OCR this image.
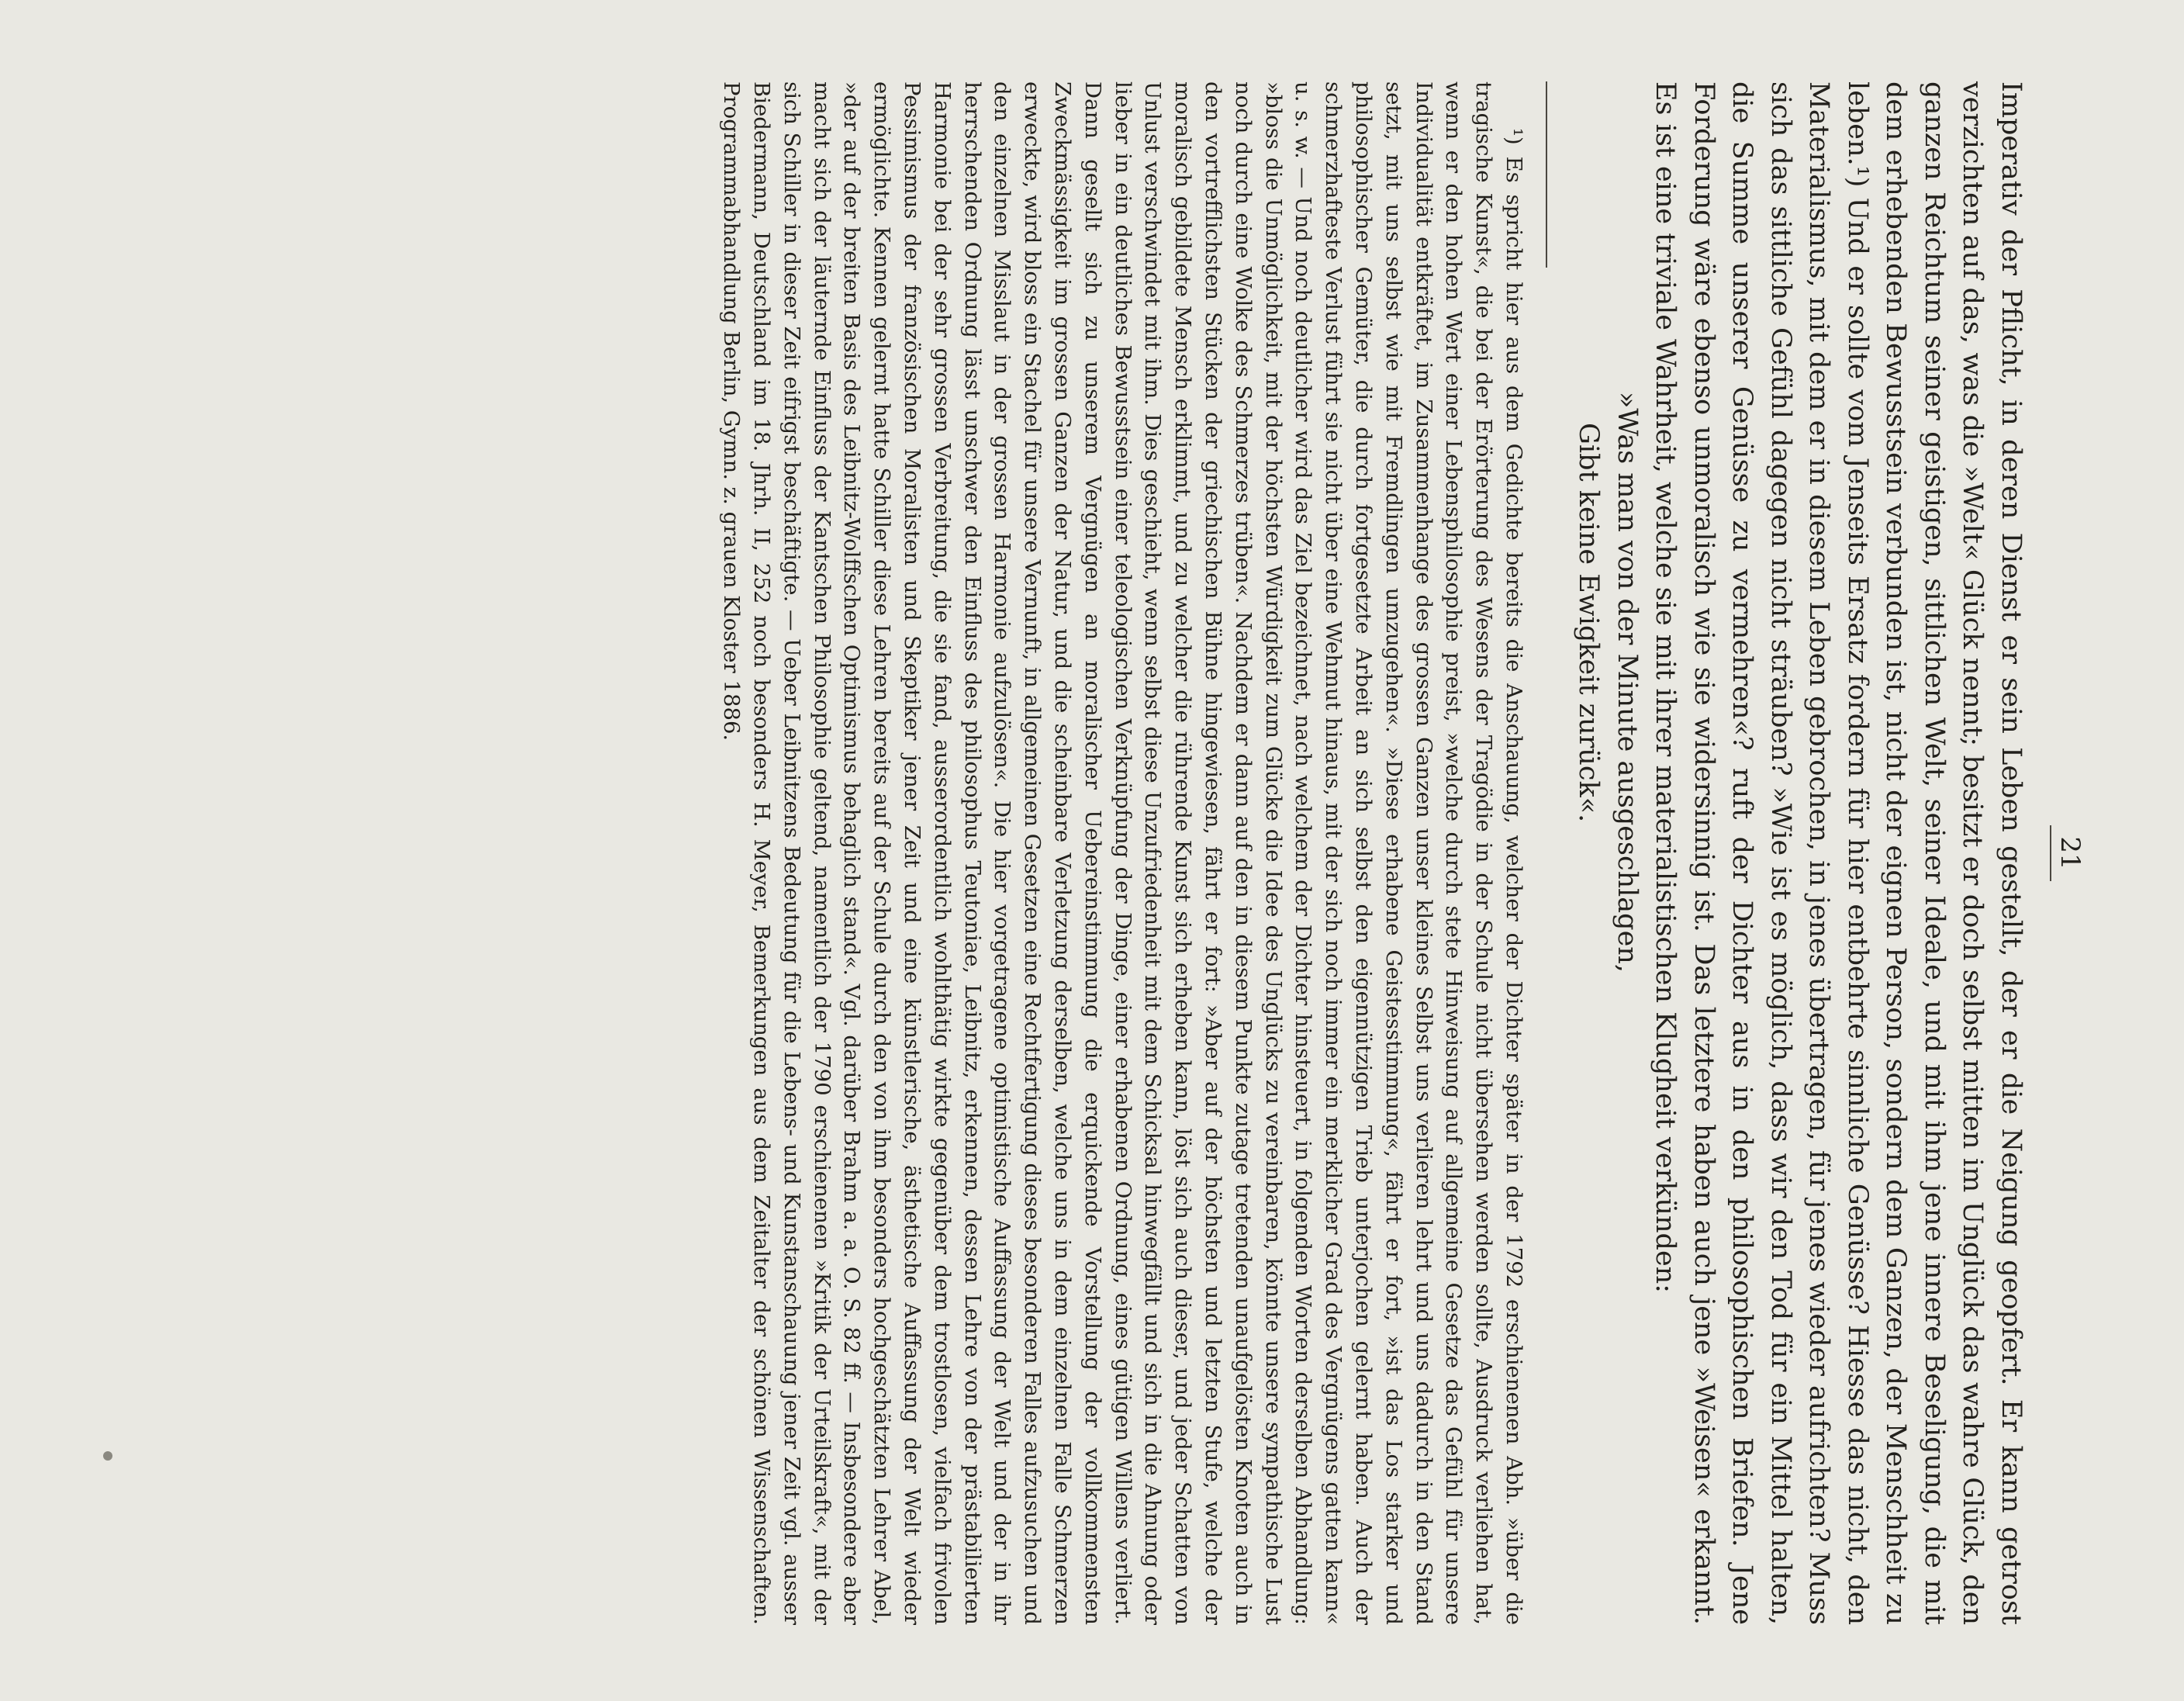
21

Imperativ der Pflicht, in deren Dienst er sein Leben gestellt, der er die Neigung geopfert. Er kann getrost verzichten auf das, was die »Welt« Glück nennt; besitzt er doch selbst mitten im Unglück das wahre Glück, den ganzen Reichtum seiner geistigen, sittlichen Welt, seiner Ideale, und mit ihm jene innere Beseligung, die mit dem erhebenden Bewusstsein verbunden ist, nicht der eignen Person, sondern dem Ganzen, der Menschheit zu leben.¹) Und er sollte vom Jenseits Ersatz fordern für hier entbehrte sinnliche Genüsse? Hiesse das nicht, den Materialismus, mit dem er in diesem Leben gebrochen, in jenes übertragen, für jenes wieder aufrichten? Muss sich das sittliche Gefühl dagegen nicht sträuben? »Wie ist es möglich, dass wir den Tod für ein Mittel halten, die Summe unserer Genüsse zu vermehren«? ruft der Dichter aus in den philosophischen Briefen. Jene Forderung wäre ebenso unmoralisch wie sie widersinnig ist. Das letztere haben auch jene »Weisen« erkannt. Es ist eine triviale Wahrheit, welche sie mit ihrer materialistischen Klugheit verkünden:

»Was man von der Minute ausgeschlagen,
Gibt keine Ewigkeit zurück«.

¹) Es spricht hier aus dem Gedichte bereits die Anschauung, welcher der Dichter später in der 1792 erschienenen Abh. »über die tragische Kunst«, die bei der Erörterung des Wesens der Tragödie in der Schule nicht übersehen werden sollte, Ausdruck verliehen hat, wenn er den hohen Wert einer Lebensphilosophie preist, »welche durch stete Hinweisung auf allgemeine Gesetze das Gefühl für unsere Individualität entkräftet, im Zusammenhange des grossen Ganzen unser kleines Selbst uns verlieren lehrt und uns dadurch in den Stand setzt, mit uns selbst wie mit Fremdlingen umzugehen«. »Diese erhabene Geistesstimmung«, fährt er fort, »ist das Los starker und philosophischer Gemüter, die durch fortgesetzte Arbeit an sich selbst den eigennützigen Trieb unterjochen gelernt haben. Auch der schmerzhafteste Verlust führt sie nicht über eine Wehmut hinaus, mit der sich noch immer ein merklicher Grad des Vergnügens gatten kann« u. s. w. — Und noch deutlicher wird das Ziel bezeichnet, nach welchem der Dichter hinsteuert, in folgenden Worten derselben Abhandlung: »bloss die Unmöglichkeit, mit der höchsten Würdigkeit zum Glücke die Idee des Unglücks zu vereinbaren, könnte unsere sympathische Lust noch durch eine Wolke des Schmerzes trüben«. Nachdem er dann auf den in diesem Punkte zutage tretenden unaufgelösten Knoten auch in den vortrefflichsten Stücken der griechischen Bühne hingewiesen, fährt er fort: »Aber auf der höchsten und letzten Stufe, welche der moralisch gebildete Mensch erklimmt, und zu welcher die rührende Kunst sich erheben kann, löst sich auch dieser, und jeder Schatten von Unlust verschwindet mit ihm. Dies geschieht, wenn selbst diese Unzufriedenheit mit dem Schicksal hinwegfällt und sich in die Ahnung oder lieber in ein deutliches Bewusstsein einer teleologischen Verknüpfung der Dinge, einer erhabenen Ordnung, eines gütigen Willens verliert. Dann gesellt sich zu unserem Vergnügen an moralischer Uebereinstimmung die erquickende Vorstellung der vollkommensten Zweckmässigkeit im grossen Ganzen der Natur, und die scheinbare Verletzung derselben, welche uns in dem einzelnen Falle Schmerzen erweckte, wird bloss ein Stachel für unsere Vernunft, in allgemeinen Gesetzen eine Rechtfertigung dieses besonderen Falles aufzusuchen und den einzelnen Misslaut in der grossen Harmonie aufzulösen«. Die hier vorgetragene optimistische Auffassung der Welt und der in ihr herrschenden Ordnung lässt unschwer den Einfluss des philosophus Teutoniae, Leibnitz, erkennen, dessen Lehre von der prästabilierten Harmonie bei der sehr grossen Verbreitung, die sie fand, ausserordentlich wohlthätig wirkte gegenüber dem trostlosen, vielfach frivolen Pessimismus der französischen Moralisten und Skeptiker jener Zeit und eine künstlerische, ästhetische Auffassung der Welt wieder ermöglichte. Kennen gelernt hatte Schiller diese Lehren bereits auf der Schule durch den von ihm besonders hochgeschätzten Lehrer Abel, »der auf der breiten Basis des Leibnitz-Wolffschen Optimismus behaglich stand«. Vgl. darüber Brahm a. a. O. S. 82 ff. — Insbesondere aber macht sich der läuternde Einfluss der Kantschen Philosophie geltend, namentlich der 1790 erschienenen »Kritik der Urteilskraft«, mit der sich Schiller in dieser Zeit eifrigst beschäftigte. — Ueber Leibnitzens Bedeutung für die Lebens- und Kunstanschauung jener Zeit vgl. ausser Biedermann, Deutschland im 18. Jhrh. II, 252 noch besonders H. Meyer, Bemerkungen aus dem Zeitalter der schönen Wissenschaften. Programmabhandlung Berlin, Gymn. z. grauen Kloster 1886.
